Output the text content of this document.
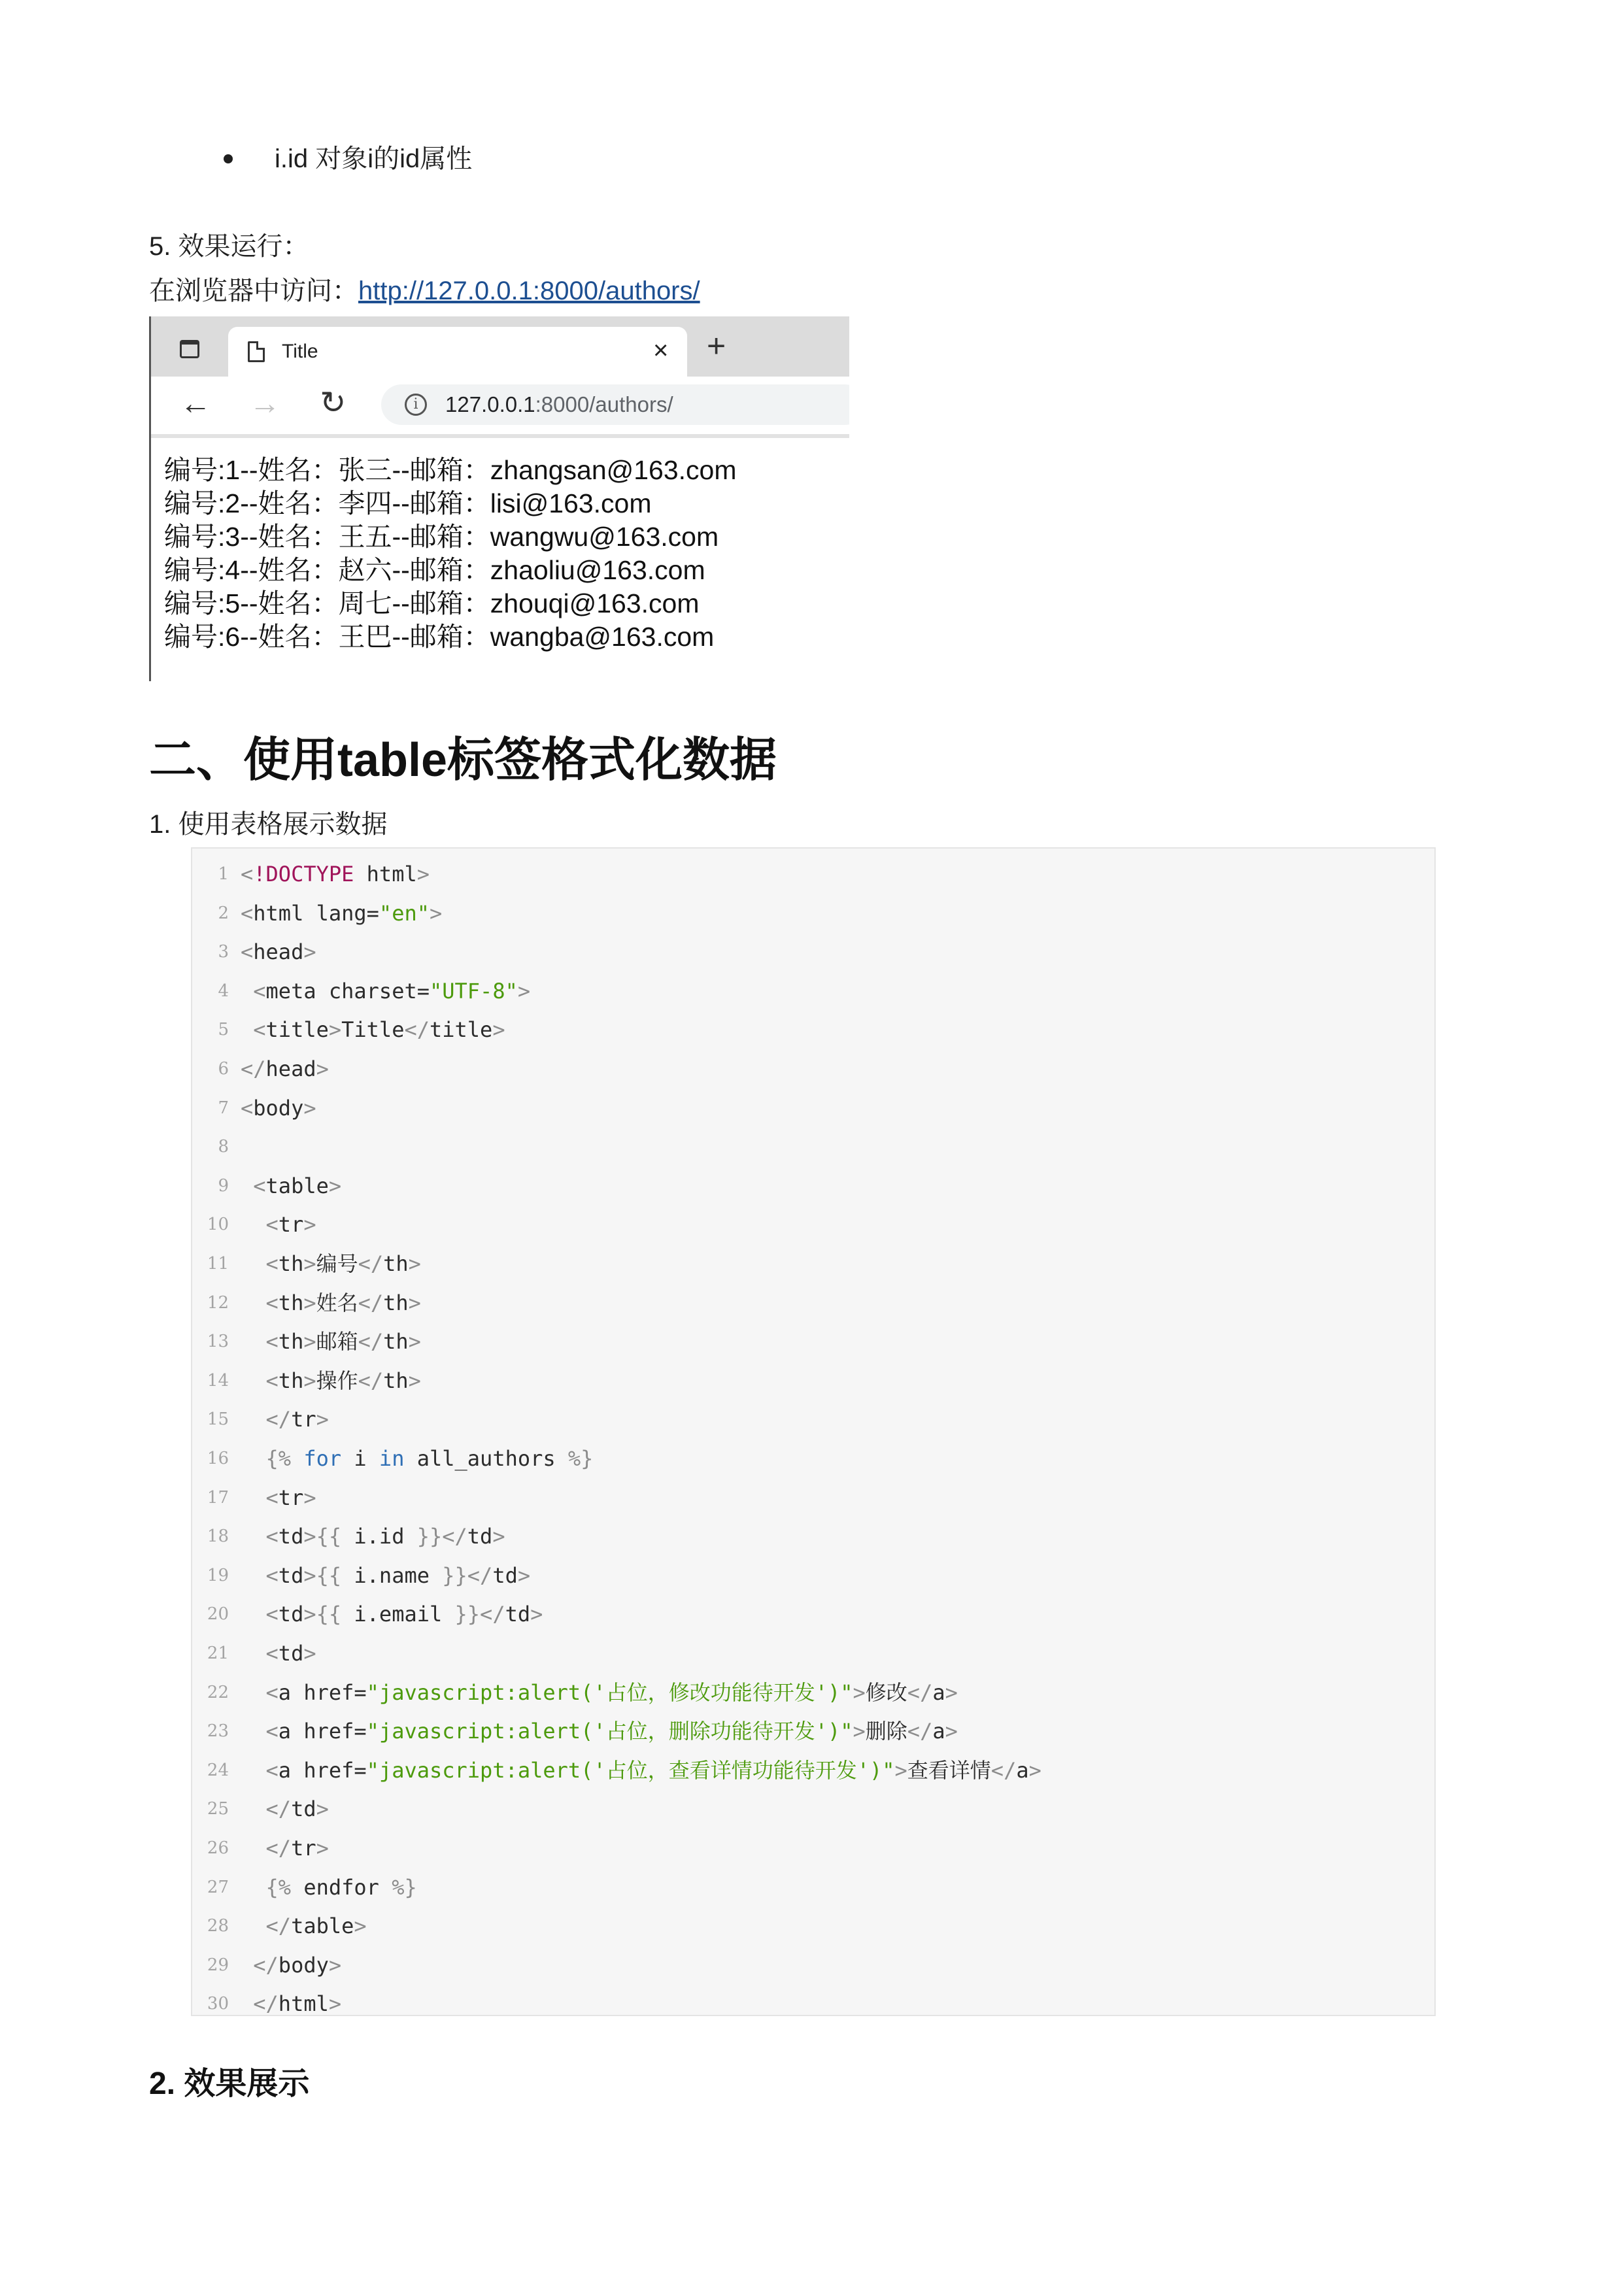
i.id 对象i的id属性
5. 效果运行：
在浏览器中访问：http://127.0.0.1:8000/authors/
Title	× +
← → ↻	i	127.0.0.1:8000/authors/
编号:1--姓名：张三--邮箱：zhangsan@163.com
编号:2--姓名：李四--邮箱：lisi@163.com
编号:3--姓名：王五--邮箱：wangwu@163.com
编号:4--姓名：赵六--邮箱：zhaoliu@163.com
编号:5--姓名：周七--邮箱：zhouqi@163.com
编号:6--姓名：王巴--邮箱：wangba@163.com
二、使用table标签格式化数据
1. 使用表格展示数据
1 <!DOCTYPE html>
2 <html lang="en">
3 <head>
4	<meta charset="UTF-8">
5	<title>Title</title>
6 </head>
7 <body>
8
9	<table>
10	<tr>
11	<th>编号</th>
12	<th>姓名</th>
13	<th>邮箱</th>
14	<th>操作</th>
15	</tr>
16	{% for i in all_authors %}
17	<tr>
18	<td>{{ i.id }}</td>
19	<td>{{ i.name }}</td>
20	<td>{{ i.email }}</td>
21	<td>
22	<a href="javascript:alert('占位，修改功能待开发')">修改</a>
23	<a href="javascript:alert('占位，删除功能待开发')">删除</a>
24	<a href="javascript:alert('占位，查看详情功能待开发')">查看详情</a>
25	</td>
26	</tr>
27	{% endfor %}
28	</table>
29	</body>
30	</html>
2. 效果展示
